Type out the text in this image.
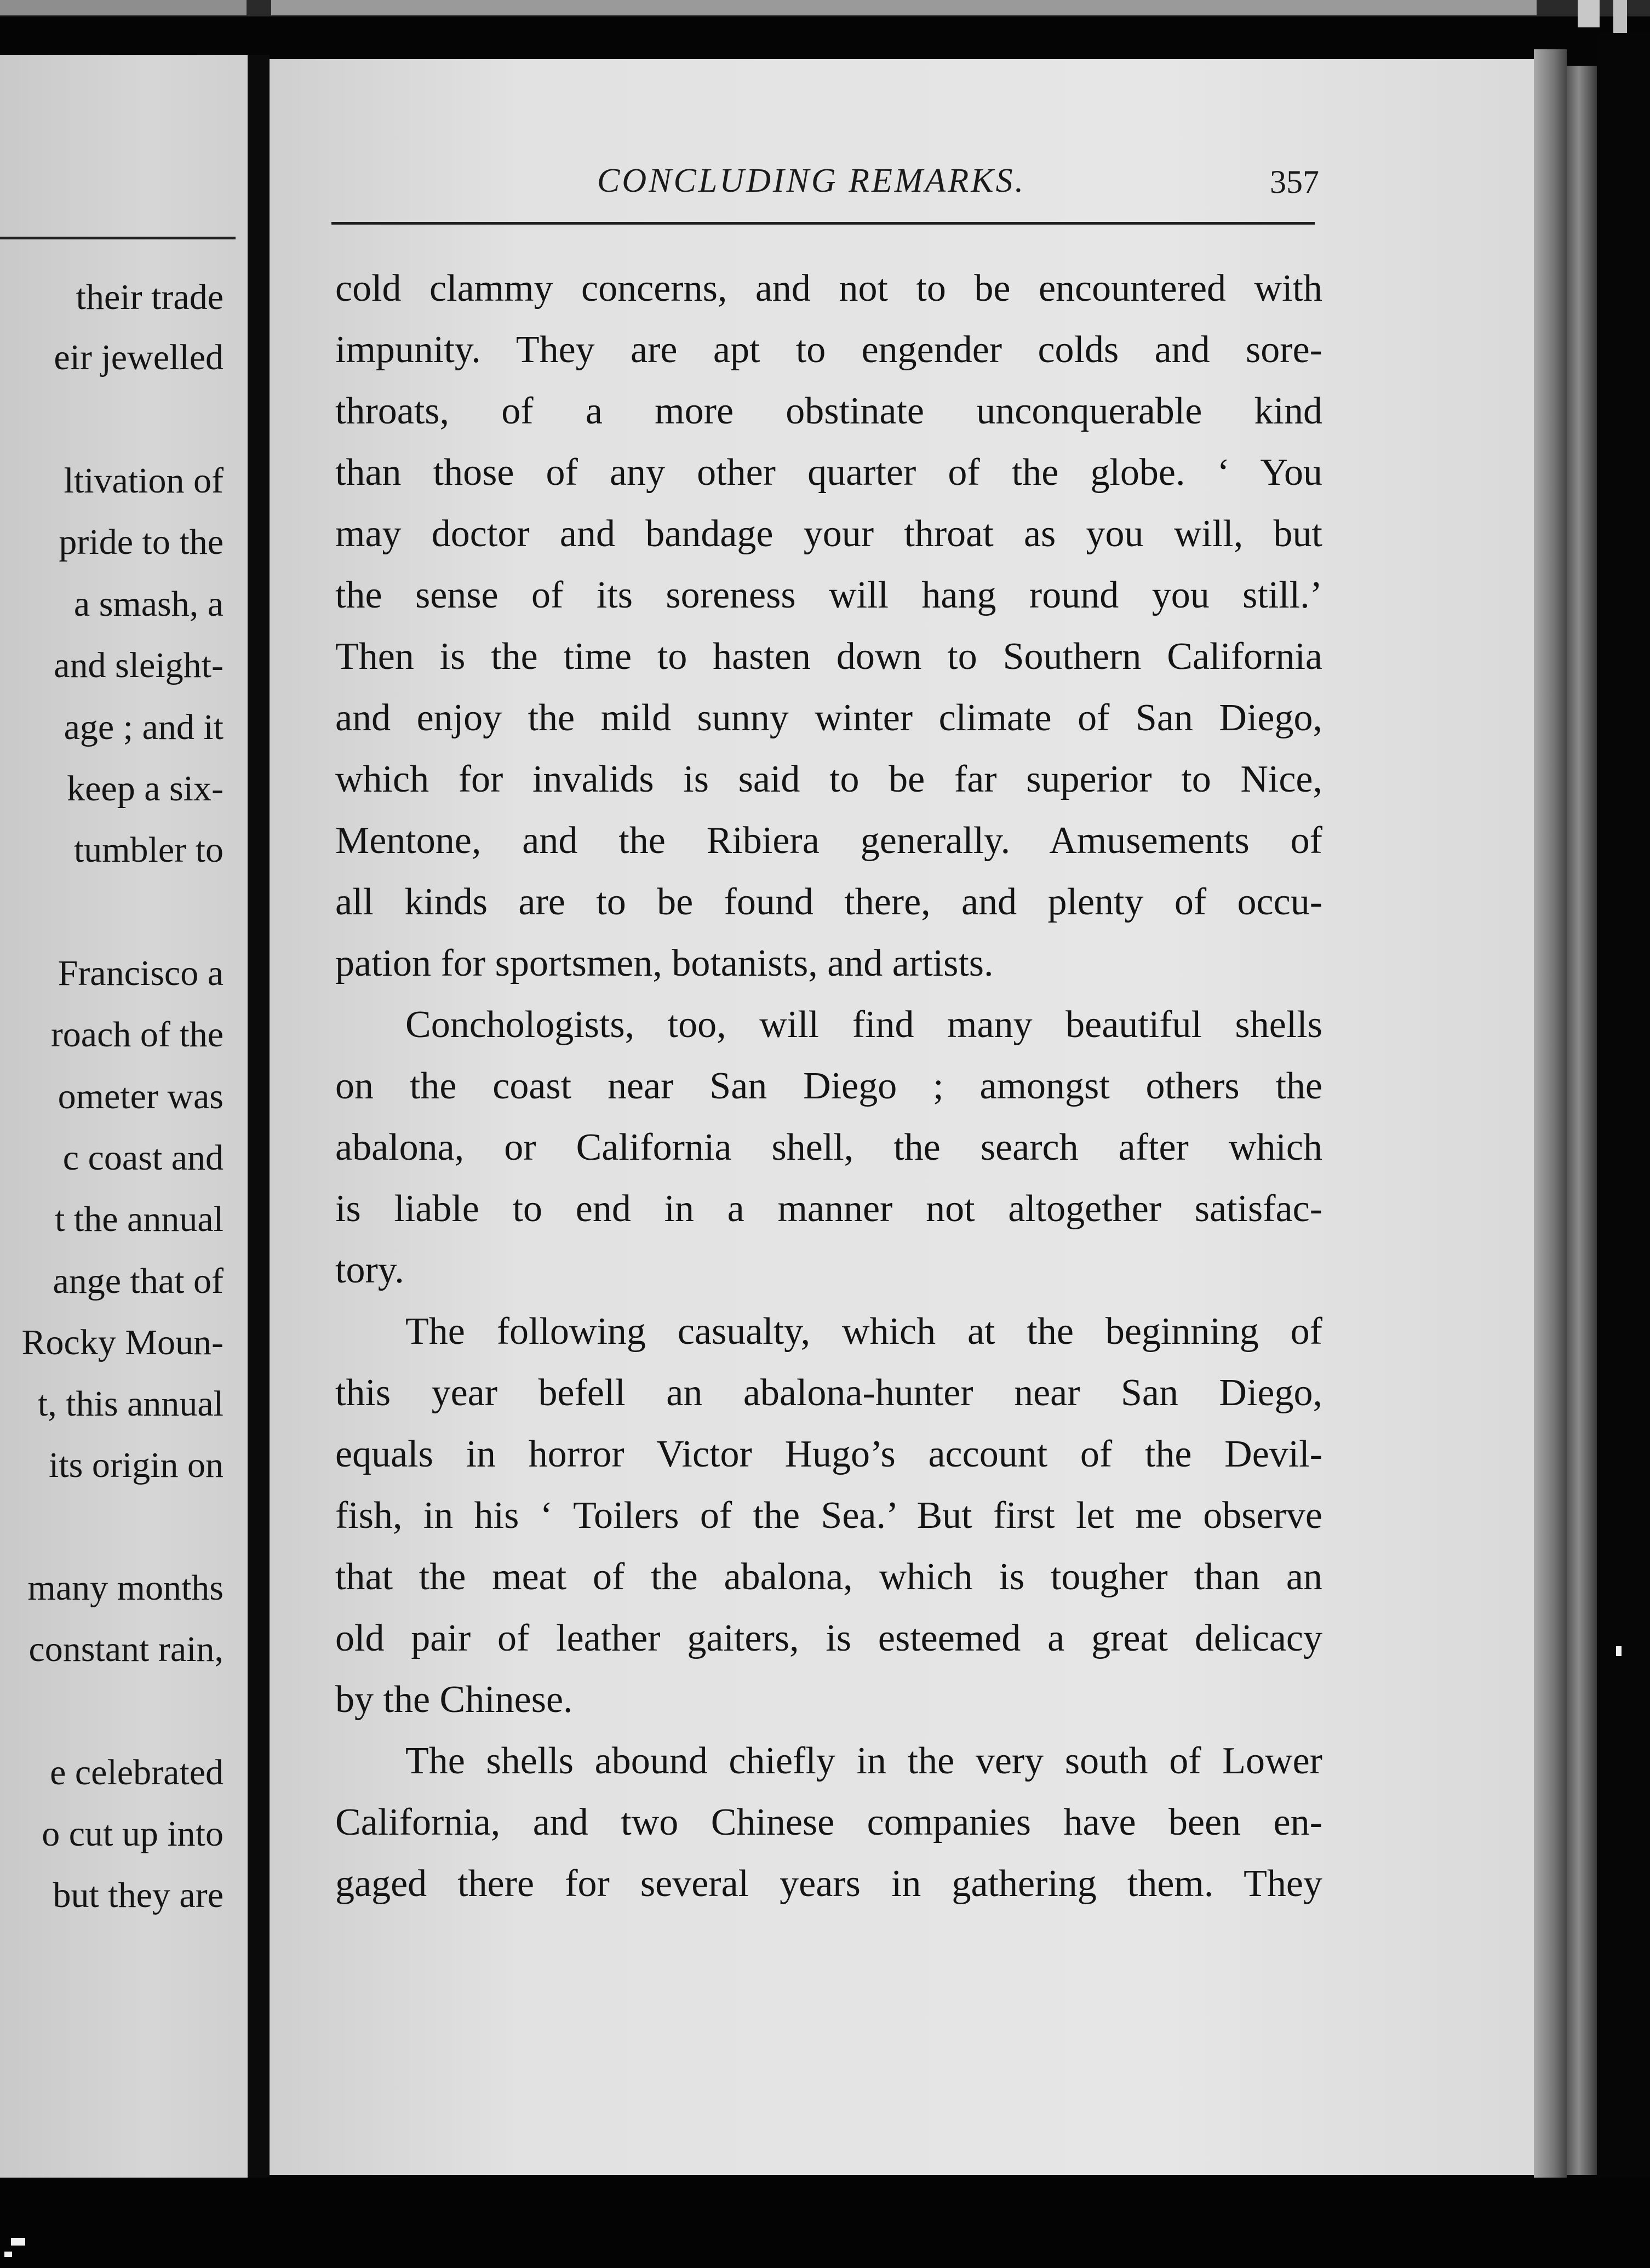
their trade
eir jewelled
ltivation of
pride to the
a smash, a
and sleight-
age ; and it
keep a six-
tumbler to
Francisco a
roach of the
ometer was
c coast and
t the annual
ange that of
Rocky Moun-
t, this annual
its origin on
many months
constant rain,
e celebrated
o cut up into
but they are
CONCLUDING REMARKS.	357
cold clammy concerns, and not to be encountered with
impunity. They are apt to engender colds and sore-
throats, of a more obstinate unconquerable kind
than those of any other quarter of the globe. ‘ You
may doctor and bandage your throat as you will, but
the sense of its soreness will hang round you still.’
Then is the time to hasten down to Southern California
and enjoy the mild sunny winter climate of San Diego,
which for invalids is said to be far superior to Nice,
Mentone, and the Ribiera generally. Amusements of
all kinds are to be found there, and plenty of occu-
pation for sportsmen, botanists, and artists.
Conchologists, too, will find many beautiful shells
on the coast near San Diego ; amongst others the
abalona, or California shell, the search after which
is liable to end in a manner not altogether satisfac-
tory.
The following casualty, which at the beginning of
this year befell an abalona-hunter near San Diego,
equals in horror Victor Hugo’s account of the Devil-
fish, in his ‘ Toilers of the Sea.’ But first let me observe
that the meat of the abalona, which is tougher than an
old pair of leather gaiters, is esteemed a great delicacy
by the Chinese.
The shells abound chiefly in the very south of Lower
California, and two Chinese companies have been en-
gaged there for several years in gathering them. They
